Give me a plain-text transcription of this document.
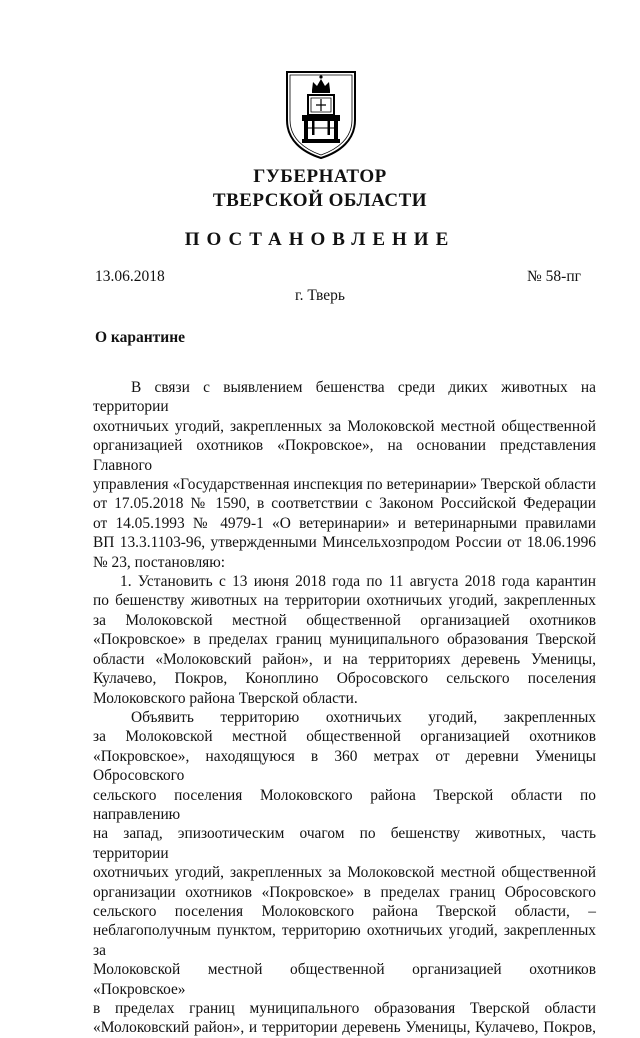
ГУБЕРНАТОР
ТВЕРСКОЙ ОБЛАСТИ
ПОСТАНОВЛЕНИЕ
13.06.2018	№ 58-пг
г. Тверь
О карантине

В связи с выявлением бешенства среди диких животных на территории

охотничьих угодий, закрепленных за Молоковской местной общественной

организацией охотников «Покровское», на основании представления Главного

управления «Государственная инспекция по ветеринарии» Тверской области

от 17.05.2018 № 1590, в соответствии с Законом Российской Федерации

от 14.05.1993 № 4979-1 «О ветеринарии» и ветеринарными правилами

ВП 13.3.1103-96, утвержденными Минсельхозпродом России от 18.06.1996

№ 23, постановляю:

1. Установить с 13 июня 2018 года по 11 августа 2018 года карантин

по бешенству животных на территории охотничьих угодий, закрепленных

за Молоковской местной общественной организацией охотников

«Покровское» в пределах границ муниципального образования Тверской

области «Молоковский район», и на территориях деревень Уменицы,

Кулачево, Покров, Коноплино Обросовского сельского поселения

Молоковского района Тверской области.

Объявить территорию охотничьих угодий, закрепленных

за Молоковской местной общественной организацией охотников

«Покровское», находящуюся в 360 метрах от деревни Уменицы Обросовского

сельского поселения Молоковского района Тверской области по направлению

на запад, эпизоотическим очагом по бешенству животных, часть территории

охотничьих угодий, закрепленных за Молоковской местной общественной

организации охотников «Покровское» в пределах границ Обросовского

сельского поселения Молоковского района Тверской области, –

неблагополучным пунктом, территорию охотничьих угодий, закрепленных за

Молоковской местной общественной организацией охотников «Покровское»

в пределах границ муниципального образования Тверской области

«Молоковский район», и территории деревень Уменицы, Кулачево, Покров,
